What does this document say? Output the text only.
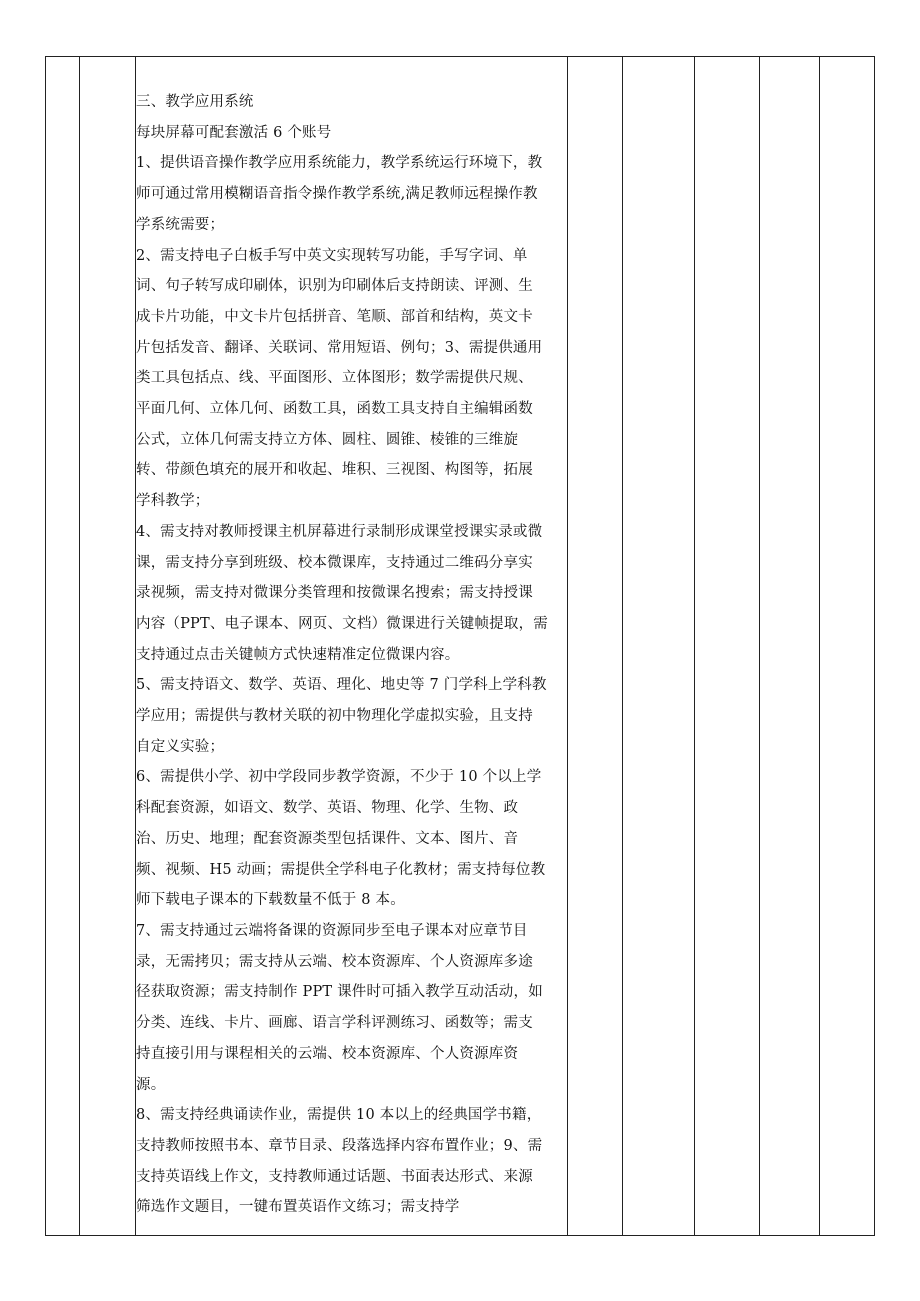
三、教学应用系统
每块屏幕可配套激活 6 个账号
1、提供语音操作教学应用系统能力，教学系统运行环境下，教
师可通过常用模糊语音指令操作教学系统,满足教师远程操作教
学系统需要；
2、需支持电子白板手写中英文实现转写功能，手写字词、单
词、句子转写成印刷体，识别为印刷体后支持朗读、评测、生
成卡片功能，中文卡片包括拼音、笔顺、部首和结构，英文卡
片包括发音、翻译、关联词、常用短语、例句；3、需提供通用
类工具包括点、线、平面图形、立体图形；数学需提供尺规、
平面几何、立体几何、函数工具，函数工具支持自主编辑函数
公式，立体几何需支持立方体、圆柱、圆锥、棱锥的三维旋
转、带颜色填充的展开和收起、堆积、三视图、构图等，拓展
学科教学；
4、需支持对教师授课主机屏幕进行录制形成课堂授课实录或微
课，需支持分享到班级、校本微课库，支持通过二维码分享实
录视频，需支持对微课分类管理和按微课名搜索；需支持授课
内容（PPT、电子课本、网页、文档）微课进行关键帧提取，需
支持通过点击关键帧方式快速精准定位微课内容。
5、需支持语文、数学、英语、理化、地史等 7 门学科上学科教
学应用；需提供与教材关联的初中物理化学虚拟实验，且支持
自定义实验；
6、需提供小学、初中学段同步教学资源，不少于 10 个以上学
科配套资源，如语文、数学、英语、物理、化学、生物、政
治、历史、地理；配套资源类型包括课件、文本、图片、音
频、视频、H5 动画；需提供全学科电子化教材；需支持每位教
师下载电子课本的下载数量不低于 8 本。
7、需支持通过云端将备课的资源同步至电子课本对应章节目
录，无需拷贝；需支持从云端、校本资源库、个人资源库多途
径获取资源；需支持制作 PPT 课件时可插入教学互动活动，如
分类、连线、卡片、画廊、语言学科评测练习、函数等；需支
持直接引用与课程相关的云端、校本资源库、个人资源库资
源。
8、需支持经典诵读作业，需提供 10 本以上的经典国学书籍，
支持教师按照书本、章节目录、段落选择内容布置作业；9、需
支持英语线上作文，支持教师通过话题、书面表达形式、来源
筛选作文题目，一键布置英语作文练习；需支持学
